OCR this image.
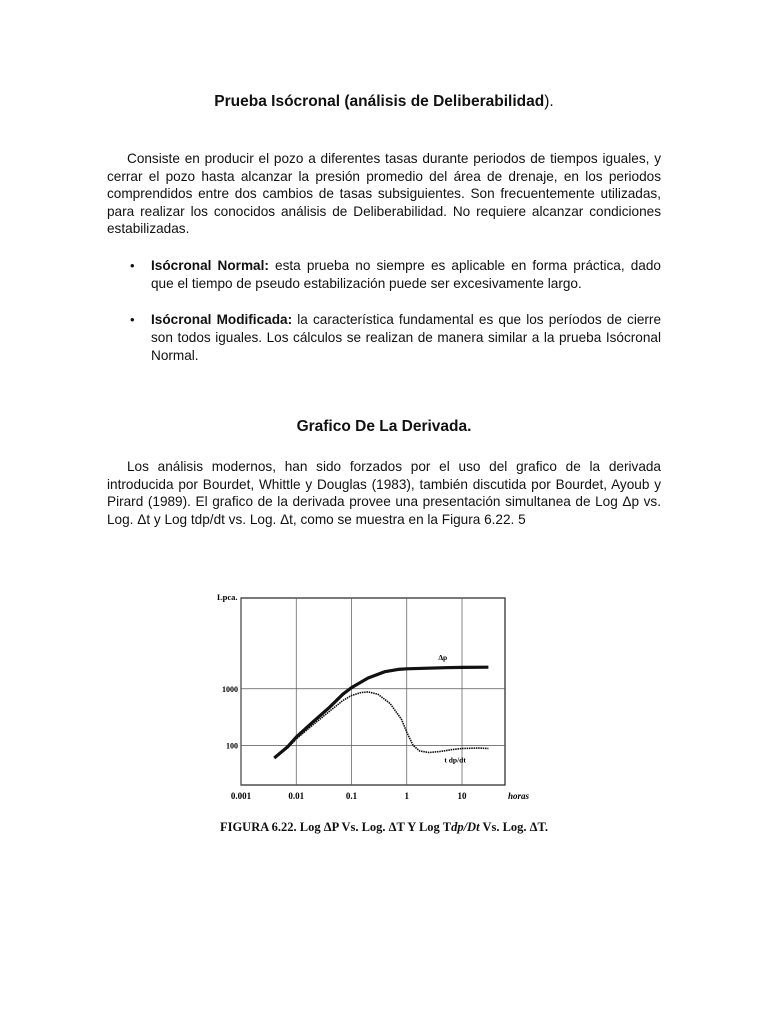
Prueba Isócronal (análisis de Deliberabilidad).

Consiste en producir el pozo a diferentes tasas durante periodos de tiempos iguales, y cerrar el pozo hasta alcanzar la presión promedio del área de drenaje, en los periodos comprendidos entre dos cambios de tasas subsiguientes. Son frecuentemente utilizadas, para realizar los conocidos análisis de Deliberabilidad. No requiere alcanzar condiciones estabilizadas.

• Isócronal Normal: esta prueba no siempre es aplicable en forma práctica, dado que el tiempo de pseudo estabilización puede ser excesivamente largo.
• Isócronal Modificada: la característica fundamental es que los períodos de cierre son todos iguales. Los cálculos se realizan de manera similar a la prueba Isócronal Normal.
Grafico De La Derivada.

Los análisis modernos, han sido forzados por el uso del grafico de la derivada introducida por Bourdet, Whittle y Douglas (1983), también discutida por Bourdet, Ayoub y Pirard (1989). El grafico de la derivada provee una presentación simultanea de Log Δp vs. Log. Δt y Log tdp/dt vs. Log. Δt, como se muestra en la Figura 6.22. 5

0.001	0.01	0.1	1	10
100
1000
Lpca.
horas
Δp
t dp/dt
FIGURA 6.22. Log ΔP Vs. Log. ΔT Y Log Tdp/Dt Vs. Log. ΔT.
